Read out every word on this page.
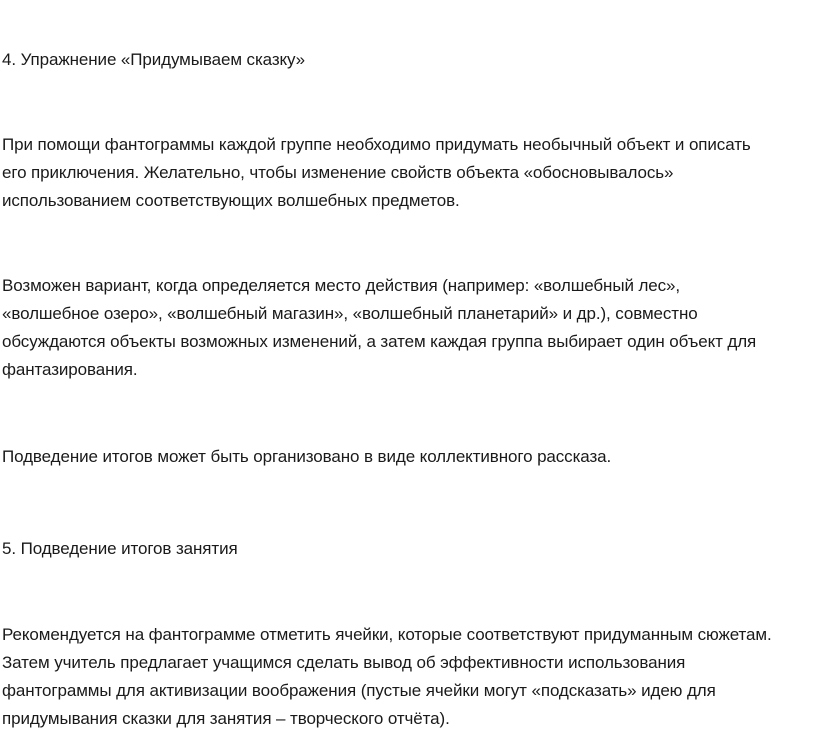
4. Упражнение «Придумываем сказку»

При помощи фантограммы каждой группе необходимо придумать необычный объект и описать

его приключения. Желательно, чтобы изменение свойств объекта «обосновывалось»

использованием соответствующих волшебных предметов.

Возможен вариант, когда определяется место действия (например: «волшебный лес»,

«волшебное озеро», «волшебный магазин», «волшебный планетарий» и др.), совместно

обсуждаются объекты возможных изменений, а затем каждая группа выбирает один объект для

фантазирования.

Подведение итогов может быть организовано в виде коллективного рассказа.

5. Подведение итогов занятия

Рекомендуется на фантограмме отметить ячейки, которые соответствуют придуманным сюжетам.

Затем учитель предлагает учащимся сделать вывод об эффективности использования

фантограммы для активизации воображения (пустые ячейки могут «подсказать» идею для

придумывания сказки для занятия – творческого отчёта).
